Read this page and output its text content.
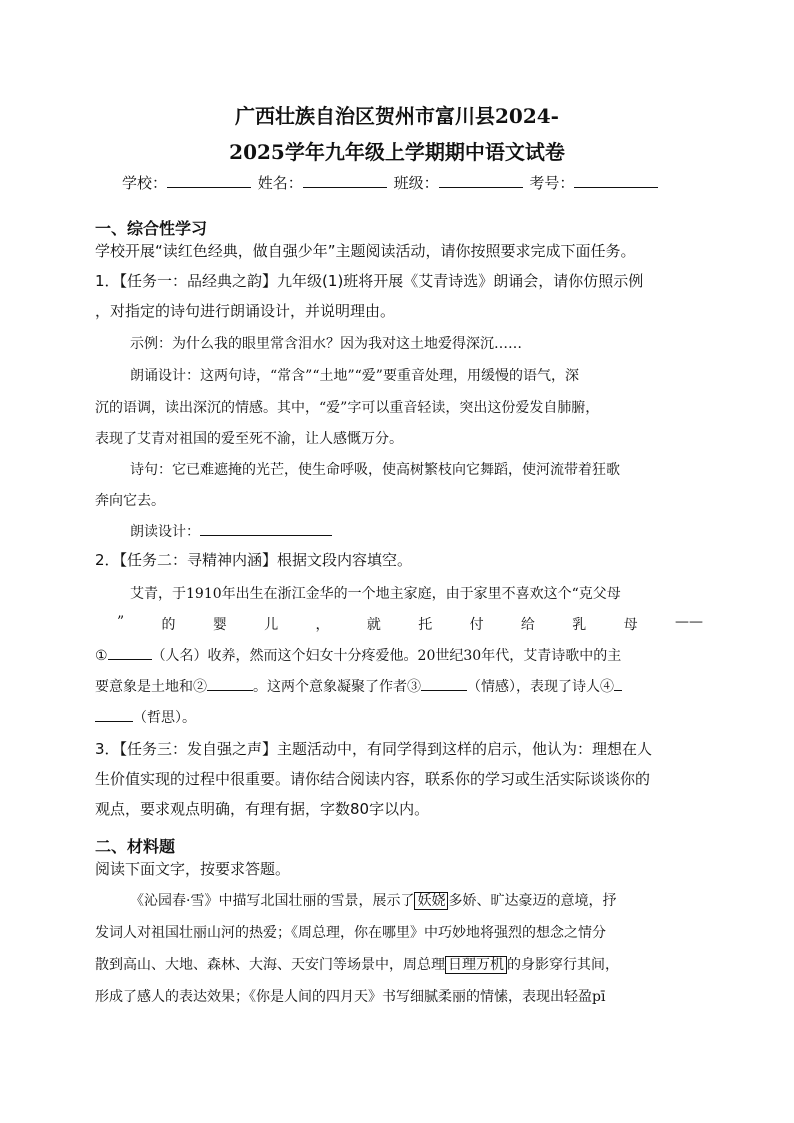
广西壮族自治区贺州市富川县2024-
2025学年九年级上学期期中语文试卷
学校：	姓名：	班级：	考号：
一、综合性学习
学校开展“读红色经典，做自强少年”主题阅读活动，请你按照要求完成下面任务。
1．【任务一：品经典之韵】九年级(1)班将开展《艾青诗选》朗诵会，请你仿照示例
，对指定的诗句进行朗诵设计，并说明理由。
示例：为什么我的眼里常含泪水？因为我对这土地爱得深沉……
朗诵设计：这两句诗，“常含”“土地”“爱”要重音处理，用缓慢的语气，深
沉的语调，读出深沉的情感。其中，“爱”字可以重音轻读，突出这份爱发自肺腑，
表现了艾青对祖国的爱至死不渝，让人感慨万分。
诗句：它已难遮掩的光芒，使生命呼吸，使高树繁枝向它舞蹈，使河流带着狂歌
奔向它去。
朗读设计：
2．【任务二：寻精神内涵】根据文段内容填空。
艾青，于1910年出生在浙江金华的一个地主家庭，由于家里不喜欢这个“克父母
”	的	婴	儿	，	就	托	付	给	乳	母	——
①	（人名）收养，然而这个妇女十分疼爱他。20世纪30年代，艾青诗歌中的主
要意象是土地和②	。这两个意象凝聚了作者③	（情感），表现了诗人④
（哲思）。
3．【任务三：发自强之声】主题活动中，有同学得到这样的启示，他认为：理想在人
生价值实现的过程中很重要。请你结合阅读内容，联系你的学习或生活实际谈谈你的
观点，要求观点明确，有理有据，字数80字以内。
二、材料题
阅读下面文字，按要求答题。
《沁园春·雪》中描写北国壮丽的雪景，展示了 妖娆 多娇、旷达豪迈的意境，抒
发词人对祖国壮丽山河的热爱；《周总理，你在哪里》中巧妙地将强烈的想念之情分
散到高山、大地、森林、大海、天安门等场景中，周总理 日理万机 的身影穿行其间，
形成了感人的表达效果；《你是人间的四月天》书写细腻柔丽的情愫，表现出轻盈pī
